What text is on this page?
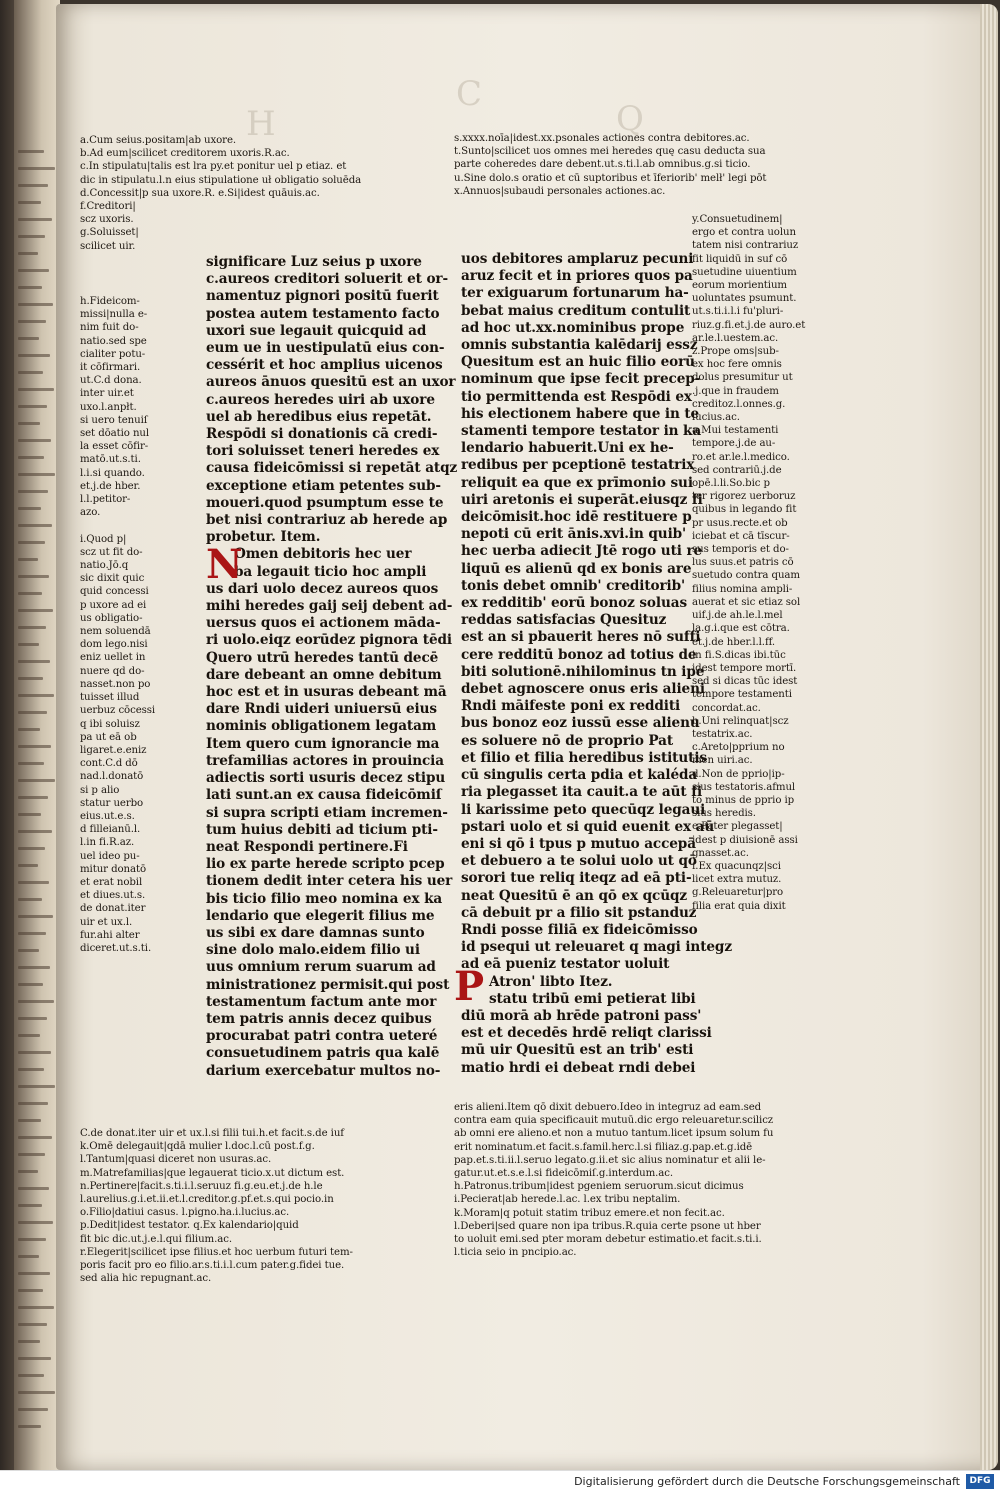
C
Q
H
a.Cum seius.positam|ab uxore.
b.Ad eum|scilicet creditorem uxoris.R.ac.
c.In stipulatu|talis est lra py.et ponitur uel p etiaz. et
dic in stipulatu.l.n eius stipulatione uł obligatio soluēda
d.Concessit|p sua uxore.R. e.Si|idest quāuis.ac.
f.Creditori|
scz uxoris.
g.Soluisset|
scilicet uir.
s.xxxx.noīa|idest.xx.psonales actiones contra debitores.ac.
t.Sunto|scilicet uos omnes mei heredes quę casu deducta sua
parte coheredes dare debent.ut.s.ti.l.ab omnibus.g.si ticio.
u.Sine dolo.s oratio et cū suptoribus et īferiorib' melł' legi pōt
x.Annuos|subaudi personales actiones.ac.
h.Fideicom-
missi|nulla e-
nim fuit do-
natio.sed spe
cialiter potu-
it cōfirmari.
ut.C.d dona.
inter uir.et
uxo.l.anpłt.
si uero tenuiſ
set dōatio nul
la esset cōfir-
matō.ut.s.ti.
l.i.si quando.
et.j.de hber.
l.l.petitor-
azo.

i.Quod p|
scz ut fit do-
natio.Jō.q
sic dixit quic
quid concessi
p uxore ad ei
us obligatio-
nem soluendā
dom lego.nisi
eniz uellet in
nuere qd do-
nasset.non po
tuisset illud
uerbuz cōcessi
q ibi soluisz
pa ut eā ob
ligaret.e.eniz
cont.C.d dō
nad.l.donatō
si p alio
statur uerbo
eius.ut.e.s.
d filleianū.l.
l.in fi.R.az.
uel ideo pu-
mitur donatō
et erat nobil
et diues.ut.s.
de donat.iter
uir et ux.l.
fur.ahi alter
diceret.ut.s.ti.
significare Luz seius p uxore
c.aureos creditori soluerit et or-
namentuz pignori positū fuerit
postea autem testamento facto
uxori sue legauit quicquid ad
eum ue in uestipulatū eius con-
cessérit et hoc amplius uicenos
aureos ānuos quesitū est an uxor
c.aureos heredes uiri ab uxore
uel ab heredibus eius repetāt.
Respōdi si donationis cā credi-
tori soluisset teneri heredes ex
causa fideicōmissi si repetāt atqz
exceptione etiam petentes sub-
moueri.quod psumptum esse te
bet nisi contrariuz ab herede ap
probetur. Item.
Omen debitoris hec uer
ba legauit ticio hoc ampli
us dari uolo decez aureos quos
mihi heredes gaij seij debent ad-
uersus quos ei actionem māda-
ri uolo.eiqz eorūdez pignora tēdi
Quero utrū heredes tantū decē
dare debeant an omne debitum
hoc est et in usuras debeant mā
dare Rndi uideri uniuersū eius
nominis obligationem legatam
Item quero cum ignorancie ma
trefamilias actores in prouincia
adiectis sorti usuris decez stipu
lati sunt.an ex causa fideicōmiſ
si supra scripti etiam incremen-
tum huius debiti ad ticium pti-
neat Respondi pertinere.Fi
lio ex parte herede scripto pcep
tionem dedit inter cetera his uer
bis ticio filio meo nomina ex ka
lendario que elegerit filius me
us sibi ex dare damnas sunto
sine dolo malo.eidem filio ui
uus omnium rerum suarum ad
ministrationez permisit.qui post
testamentum factum ante mor
tem patris annis decez quibus
procurabat patri contra ueteré
consuetudinem patris qua kalē
darium exercebatur multos no-
uos debitores amplaruz pecuni
aruz fecit et in priores quos pa
ter exiguarum fortunarum ha-
bebat maius creditum contulit
ad hoc ut.xx.nominibus prope
omnis substantia kalēdarij essz
Quesitum est an huic filio eorū
nominum que ipse fecit precep-
tio permittenda est Respōdi ex
his electionem habere que in te
stamenti tempore testator in ka
lendario habuerit.Uni ex he-
redibus per pceptionē testatrix
reliquit ea que ex prīmonio sui
uiri aretonis ei superāt.eiusqz fi
deicōmisit.hoc idē restituere p
nepoti cū erit ānis.xvi.in quib'
hec uerba adiecit Jtē rogo uti re
liquū es alienū qd ex bonis are
tonis debet omnib' creditorib'
ex redditib' eorū bonoz soluas
reddas satisfacias Quesituz
est an si pbauerit heres nō suffi
cere redditū bonoz ad totius de
biti solutionē.nihilominus tn ipe
debet agnoscere onus eris alieni
Rndi māifeste poni ex redditi
bus bonoz eoz iussū esse alienu
es soluere nō de proprio Pat
et filio et filia heredibus istitutis
cū singulis certa pdia et kaléda
ria plegasset ita cauit.a te aūt fi
li karissime peto quecūqz legaui
pstari uolo et si quid euenit ex aū
eni si qō i tpus p mutuo accepā
et debuero a te solui uolo ut qō
sorori tue reliq iteqz ad eā pti-
neat Quesitū ē an qō ex qcūqz
cā debuit pr a filio sit pstanduz
Rndi posse filiā ex fideicōmisso
id psequi ut releuaret q magi integz
ad eā pueniz testator uoluit
Atron' libto Itez.
statu tribū emi petierat libi
diū morā ab hrēde patroni pass'
est et decedēs hrdē reliqt clarissi
mū uir Quesitū est an trib' esti
matio hrdi ei debeat rndi debei
y.Consuetudinem|
ergo et contra uolun
tatem nisi contrariuz
fit liquidū in suf cō
suetudine uiuentium
eorum morientium
uoluntates psumunt.
ut.s.ti.i.l.i fu'pluri-
riuz.g.fi.et.j.de auro.et
ar.le.l.uestem.ac.
z.Prope oms|sub-
ex hoc fere omnis
dolus presumitur ut
.j.que in fraudem
creditoz.l.onnes.g.
lucius.ac.
a.Mui testamenti
tempore.j.de au-
ro.et ar.le.l.medico.
sed contrariū.j.de
opē.l.li.So.bic p
ter rigorez uerboruz
quibus in legando fit
pr usus.recte.et ob
iciebat et cā tīscur-
sus temporis et do-
lus suus.et patris cō
suetudo contra quam
filius nomina ampli-
auerat et sic etiaz sol
uif.j.de ah.le.l.mel
la.g.i.que est cōtra.
et.j.de hber.l.l.ff.
in fi.S.dicas ibi.tūc
idest tempore mortī.
sed si dicas tūc idest
tempore testamenti
concordat.ac.
b.Uni relinquat|scz
testatrix.ac.
c.Areto|pprium no
men uiri.ac.
d.Non de pprio|ip-
sius testatoris.afmul
to minus de pprio ip
sius heredis.
e.Pater plegasset|
idest p diuisionē assi
gnasset.ac.
f.Ex quacunqz|sci
licet extra mutuz.
g.Releuaretur|pro
filia erat quia dixit
C.de donat.iter uir et ux.l.si filii tui.h.et facit.s.de iuf
k.Omē delegauit|qdā mulier l.doc.l.cū post.f.g.
l.Tantum|quasi diceret non usuras.ac.
m.Matrefamilias|que legauerat ticio.x.ut dictum est.
n.Pertinere|facit.s.ti.i.l.seruuz fi.g.eu.et.j.de h.le
l.aurelius.g.i.et.ii.et.l.creditor.g.pf.et.s.qui pocio.in
o.Filio|datiui casus. l.pigno.ha.i.lucius.ac.
p.Dedit|idest testator. q.Ex kalendario|quid
fit bic dic.ut.j.e.l.qui filium.ac.
r.Elegerit|scilicet ipse filius.et hoc uerbum futuri tem-
poris facit pro eo filio.ar.s.ti.i.l.cum pater.g.fidei tue.
sed alia hic repugnant.ac.
eris alieni.Item qō dixit debuero.Ideo in integruz ad eam.sed
contra eam quia specificauit mutuū.dic ergo releuaretur.scilicz
ab omni ere alieno.et non a mutuo tantum.licet ipsum solum fu
erit nominatum.et facit.s.famil.herc.l.si filiaz.g.pap.et.g.idē
pap.et.s.ti.ii.l.seruo legato.g.ii.et sic alius nominatur et alii le-
gatur.ut.et.s.e.l.si fideicōmiſ.g.interdum.ac.
h.Patronus.tribum|idest pgeniem seruorum.sicut dicimus
i.Pecierat|ab herede.l.ac. l.ex tribu neptalim.
k.Moram|q potuit statim tribuz emere.et non fecit.ac.
l.Deberi|sed quare non ipa tribus.R.quia certe psone ut hber
to uoluit emi.sed pter moram debetur estimatio.et facit.s.ti.i.
l.ticia seio in pncipio.ac.
N
P
Digitalisierung gefördert durch die Deutsche Forschungsgemeinschaft	DFG
